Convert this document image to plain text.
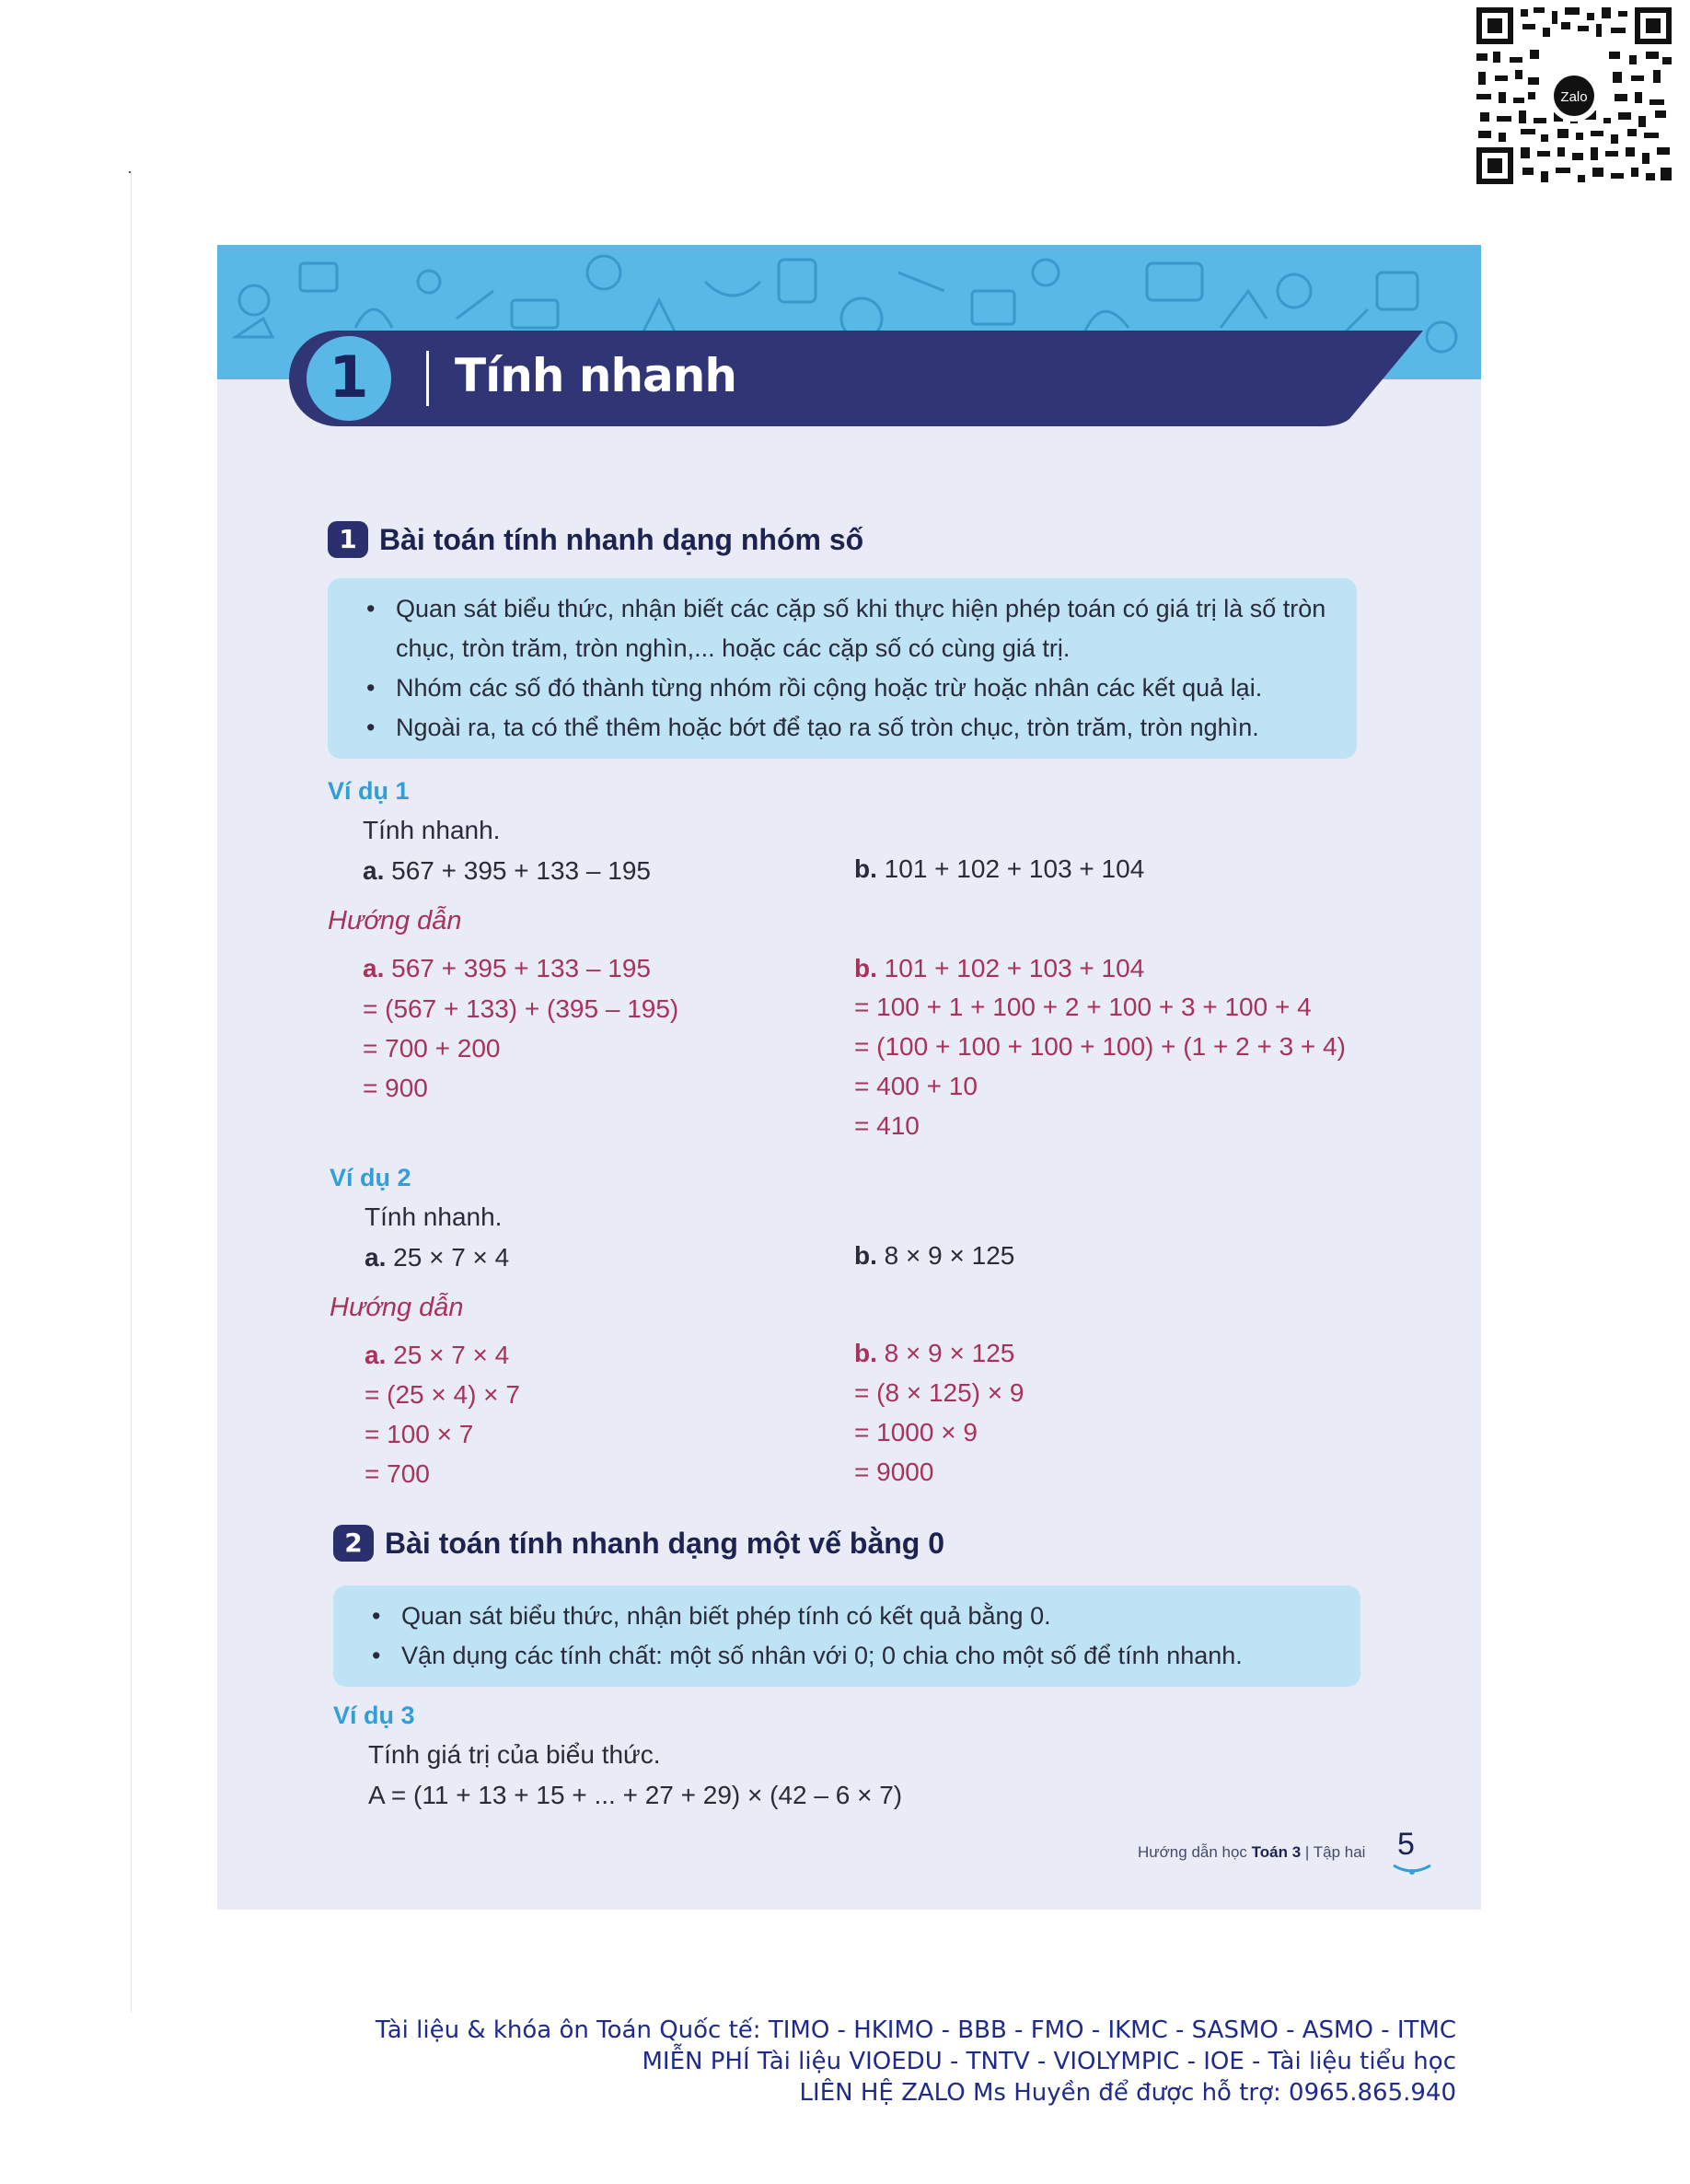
Zalo
1 Tính nhanh
1 Bài toán tính nhanh dạng nhóm số
• Quan sát biểu thức, nhận biết các cặp số khi thực hiện phép toán có giá trị là số tròn chục, tròn trăm, tròn nghìn,... hoặc các cặp số có cùng giá trị.
• Nhóm các số đó thành từng nhóm rồi cộng hoặc trừ hoặc nhân các kết quả lại.
• Ngoài ra, ta có thể thêm hoặc bớt để tạo ra số tròn chục, tròn trăm, tròn nghìn.
Ví dụ 1
Tính nhanh.
a. 567 + 395 + 133 – 195	b. 101 + 102 + 103 + 104
Hướng dẫn
a. 567 + 395 + 133 – 195
= (567 + 133) + (395 – 195)
= 700 + 200
= 900
b. 101 + 102 + 103 + 104
= 100 + 1 + 100 + 2 + 100 + 3 + 100 + 4
= (100 + 100 + 100 + 100) + (1 + 2 + 3 + 4)
= 400 + 10
= 410
Ví dụ 2
Tính nhanh.
a. 25 × 7 × 4	b. 8 × 9 × 125
Hướng dẫn
a. 25 × 7 × 4
= (25 × 4) × 7
= 100 × 7
= 700
b. 8 × 9 × 125
= (8 × 125) × 9
= 1000 × 9
= 9000
2 Bài toán tính nhanh dạng một vế bằng 0
• Quan sát biểu thức, nhận biết phép tính có kết quả bằng 0.
• Vận dụng các tính chất: một số nhân với 0; 0 chia cho một số để tính nhanh.
Ví dụ 3
Tính giá trị của biểu thức.
A = (11 + 13 + 15 + ... + 27 + 29) × (42 – 6 × 7)
Hướng dẫn học Toán 3 | Tập hai 5
Tài liệu & khóa ôn Toán Quốc tế: TIMO - HKIMO - BBB - FMO - IKMC - SASMO - ASMO - ITMC
MIỄN PHÍ Tài liệu VIOEDU - TNTV - VIOLYMPIC - IOE - Tài liệu tiểu học
LIÊN HỆ ZALO Ms Huyền để được hỗ trợ: 0965.865.940
